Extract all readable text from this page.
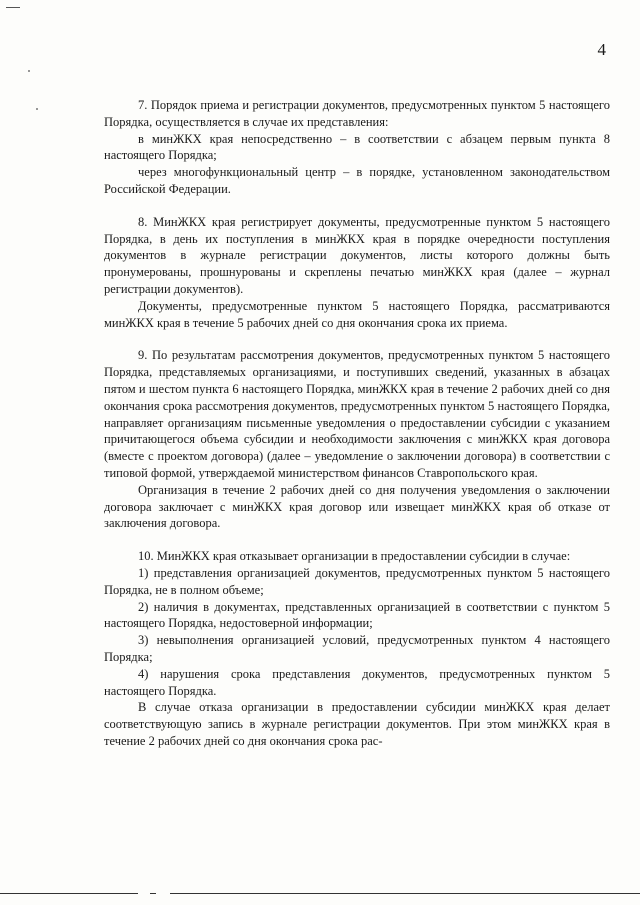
4

7. Порядок приема и регистрации документов, предусмотренных пунктом 5 настоящего Порядка, осуществляется в случае их представления:

в минЖКХ края непосредственно – в соответствии с абзацем первым пункта 8 настоящего Порядка;

через многофункциональный центр – в порядке, установленном законодательством Российской Федерации.

8. МинЖКХ края регистрирует документы, предусмотренные пунктом 5 настоящего Порядка, в день их поступления в минЖКХ края в порядке очередности поступления документов в журнале регистрации документов, листы которого должны быть пронумерованы, прошнурованы и скреплены печатью минЖКХ края (далее – журнал регистрации документов).

Документы, предусмотренные пунктом 5 настоящего Порядка, рассматриваются минЖКХ края в течение 5 рабочих дней со дня окончания срока их приема.

9. По результатам рассмотрения документов, предусмотренных пунктом 5 настоящего Порядка, представляемых организациями, и поступивших сведений, указанных в абзацах пятом и шестом пункта 6 настоящего Порядка, минЖКХ края в течение 2 рабочих дней со дня окончания срока рассмотрения документов, предусмотренных пунктом 5 настоящего Порядка, направляет организациям письменные уведомления о предоставлении субсидии с указанием причитающегося объема субсидии и необходимости заключения с минЖКХ края договора (вместе с проектом договора) (далее – уведомление о заключении договора) в соответствии с типовой формой, утверждаемой министерством финансов Ставропольского края.

Организация в течение 2 рабочих дней со дня получения уведомления о заключении договора заключает с минЖКХ края договор или извещает минЖКХ края об отказе от заключения договора.

10. МинЖКХ края отказывает организации в предоставлении субсидии в случае:

1) представления организацией документов, предусмотренных пунктом 5 настоящего Порядка, не в полном объеме;

2) наличия в документах, представленных организацией в соответствии с пунктом 5 настоящего Порядка, недостоверной информации;

3) невыполнения организацией условий, предусмотренных пунктом 4 настоящего Порядка;

4) нарушения срока представления документов, предусмотренных пунктом 5 настоящего Порядка.

В случае отказа организации в предоставлении субсидии минЖКХ края делает соответствующую запись в журнале регистрации документов. При этом минЖКХ края в течение 2 рабочих дней со дня окончания срока рас-
